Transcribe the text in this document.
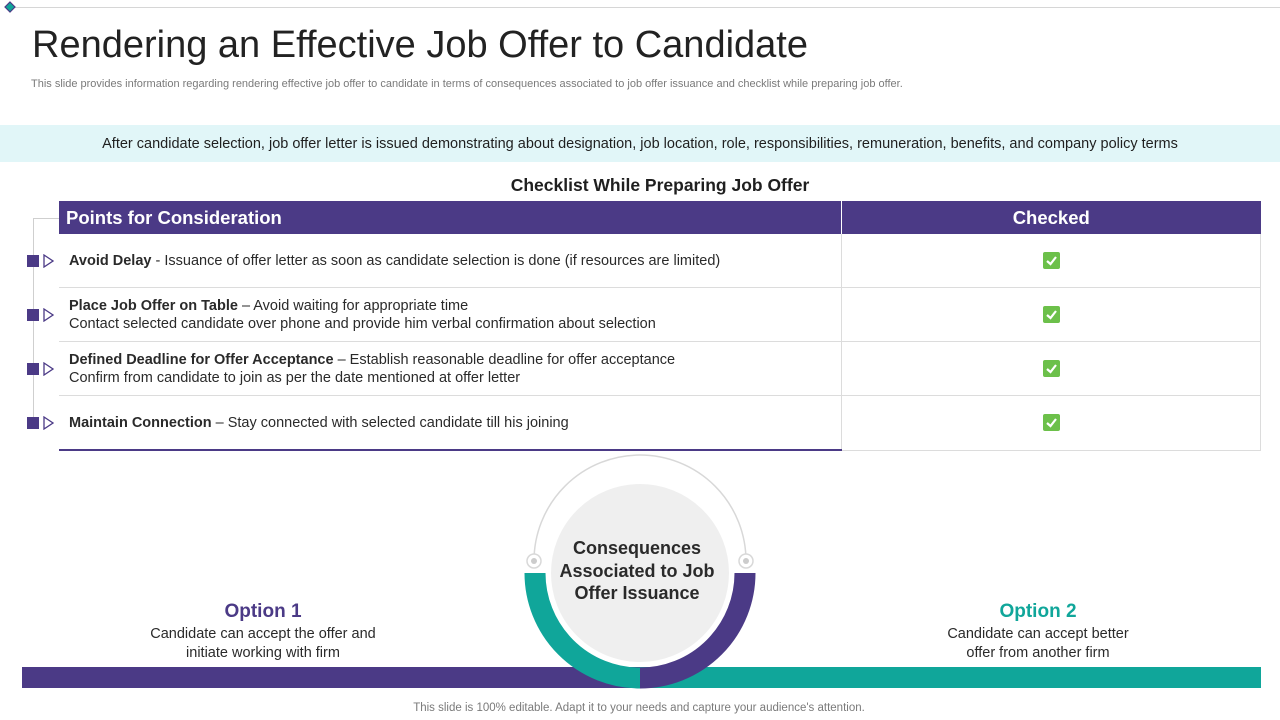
Rendering an Effective Job Offer to Candidate
This slide provides information regarding rendering effective job offer to candidate in terms of consequences associated to job offer issuance and checklist while preparing job offer.
After candidate selection, job offer letter is issued demonstrating about designation, job location, role, responsibilities, remuneration, benefits, and company policy terms
Checklist While Preparing Job Offer
Points for Consideration	Checked
Avoid Delay - Issuance of offer letter as soon as candidate selection is done (if resources are limited)	

Place Job Offer on Table – Avoid waiting for appropriate time
Contact selected candidate over phone and provide him verbal confirmation about selection	

Defined Deadline for Offer Acceptance – Establish reasonable deadline for offer acceptance
Confirm from candidate to join as per the date mentioned at offer letter	

Maintain Connection – Stay connected with selected candidate till his joining	
Consequences Associated to Job Offer Issuance
Option 1
Candidate can accept the offer and
initiate working with firm
Option 2
Candidate can accept better
offer from another firm
This slide is 100% editable. Adapt it to your needs and capture your audience's attention.
